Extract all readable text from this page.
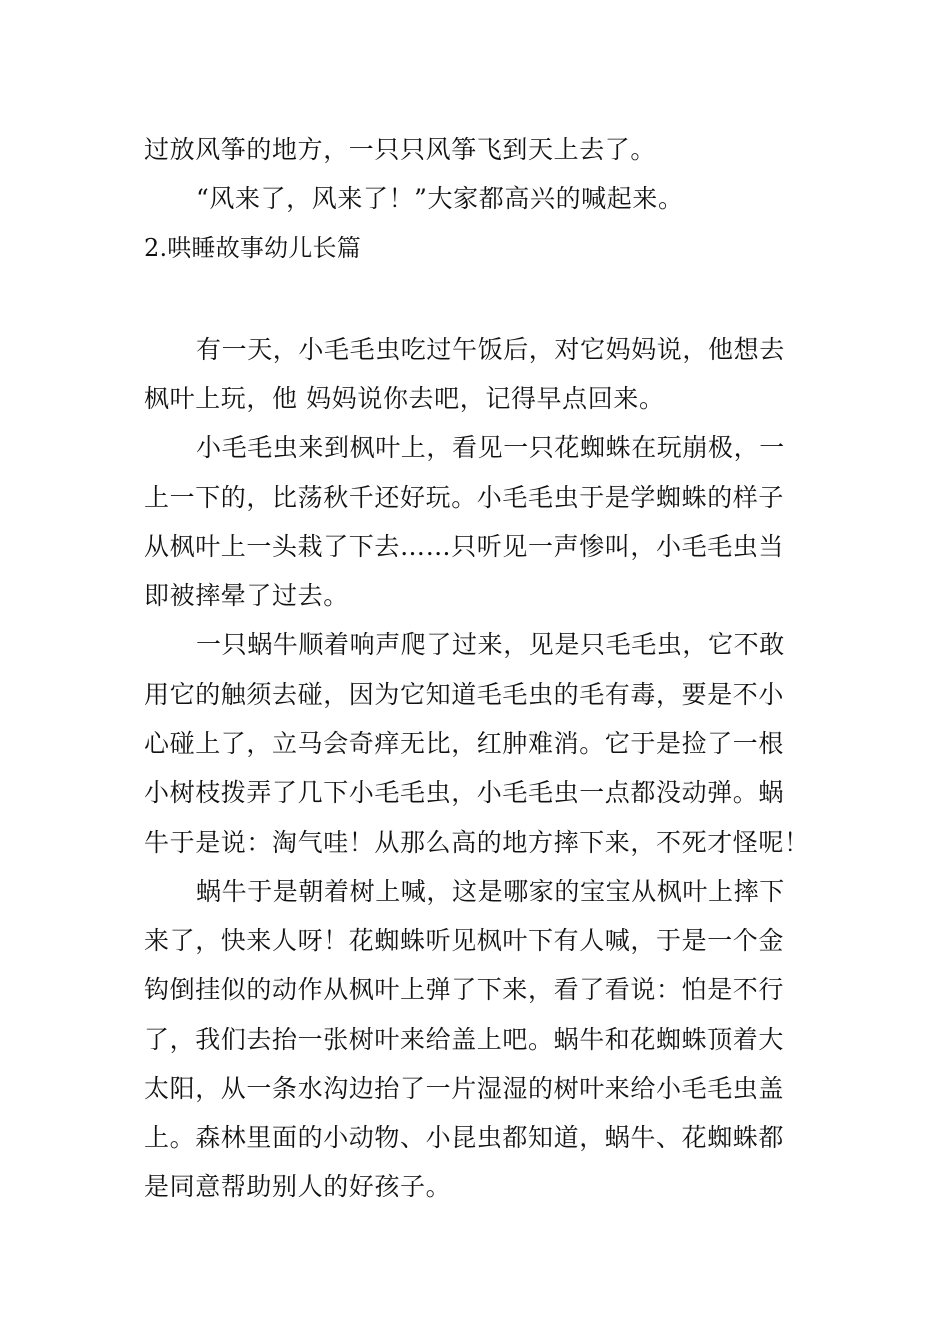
过放风筝的地方，一只只风筝飞到天上去了。
“风来了，风来了！”大家都高兴的喊起来。
2.哄睡故事幼儿长篇
有一天，小毛毛虫吃过午饭后，对它妈妈说，他想去
枫叶上玩，他 妈妈说你去吧，记得早点回来。
小毛毛虫来到枫叶上，看见一只花蜘蛛在玩崩极，一
上一下的，比荡秋千还好玩。小毛毛虫于是学蜘蛛的样子
从枫叶上一头栽了下去……只听见一声惨叫，小毛毛虫当
即被摔晕了过去。
一只蜗牛顺着响声爬了过来，见是只毛毛虫，它不敢
用它的触须去碰，因为它知道毛毛虫的毛有毒，要是不小
心碰上了，立马会奇痒无比，红肿难消。它于是捡了一根
小树枝拨弄了几下小毛毛虫，小毛毛虫一点都没动弹。蜗
牛于是说：淘气哇！从那么高的地方摔下来，不死才怪呢！
蜗牛于是朝着树上喊，这是哪家的宝宝从枫叶上摔下
来了，快来人呀！花蜘蛛听见枫叶下有人喊，于是一个金
钩倒挂似的动作从枫叶上弹了下来，看了看说：怕是不行
了，我们去抬一张树叶来给盖上吧。蜗牛和花蜘蛛顶着大
太阳，从一条水沟边抬了一片湿湿的树叶来给小毛毛虫盖
上。森林里面的小动物、小昆虫都知道，蜗牛、花蜘蛛都
是同意帮助别人的好孩子。
